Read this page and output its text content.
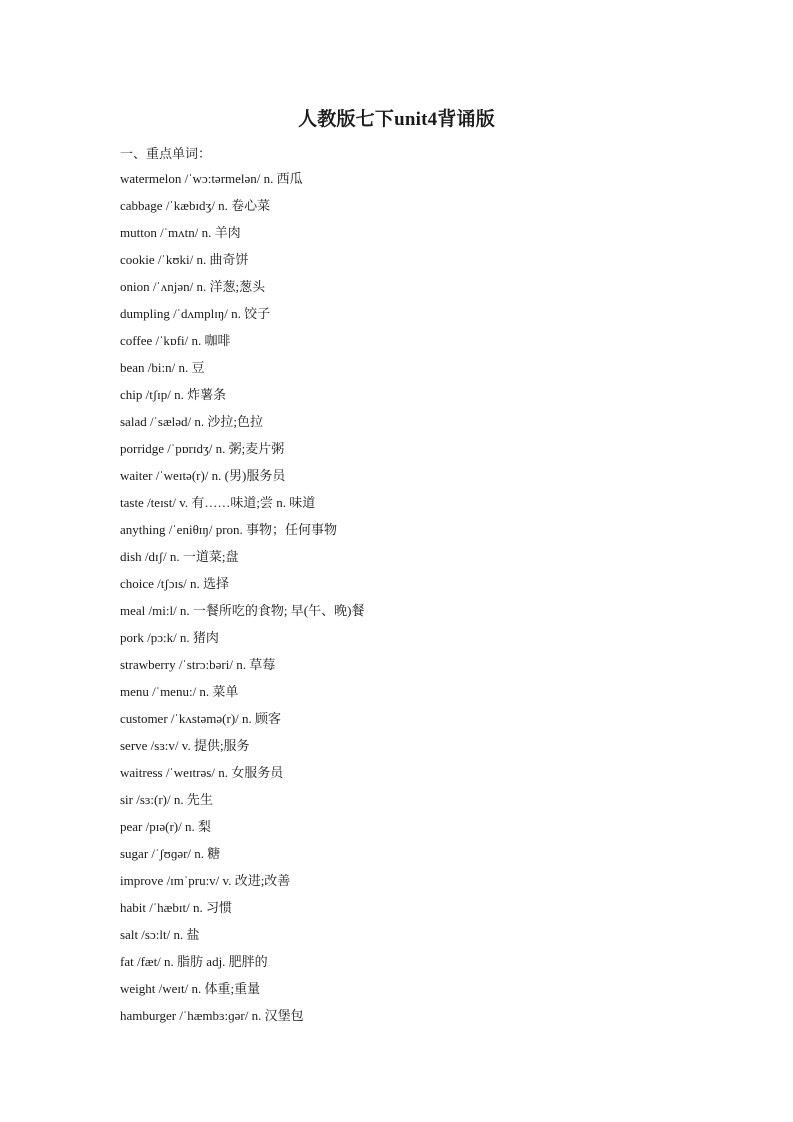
人教版七下unit4背诵版
一、重点单词：
watermelon /ˈwɔ:tərmelən/ n. 西瓜
cabbage /ˈkæbɪdʒ/ n. 卷心菜
mutton /ˈmʌtn/ n. 羊肉
cookie /ˈkʊki/ n. 曲奇饼
onion /ˈʌnjən/ n. 洋葱;葱头
dumpling /ˈdʌmplɪŋ/ n. 饺子
coffee /ˈkɒfi/ n. 咖啡
bean /bi:n/ n. 豆
chip /tʃɪp/ n. 炸薯条
salad /ˈsæləd/ n. 沙拉;色拉
porridge /ˈpɒrɪdʒ/ n. 粥;麦片粥
waiter /ˈweɪtə(r)/ n. (男)服务员
taste /teɪst/ v. 有……味道;尝 n. 味道
anything /ˈeniθɪŋ/ pron. 事物；任何事物
dish /dɪʃ/ n. 一道菜;盘
choice /tʃɔɪs/ n. 选择
meal /mi:l/ n. 一餐所吃的食物; 早(午、晚)餐
pork /pɔ:k/ n. 猪肉
strawberry /ˈstrɔ:bəri/ n. 草莓
menu /ˈmenu:/ n. 菜单
customer /ˈkʌstəmə(r)/ n. 顾客
serve /sɜ:v/ v. 提供;服务
waitress /ˈweɪtrəs/ n. 女服务员
sir /sɜ:(r)/ n. 先生
pear /pɪə(r)/ n. 梨
sugar /ˈʃʊɡər/ n. 糖
improve /ɪmˈpru:v/ v. 改进;改善
habit /ˈhæbɪt/ n. 习惯
salt /sɔ:lt/ n. 盐
fat /fæt/ n. 脂肪 adj. 肥胖的
weight /weɪt/ n. 体重;重量
hamburger /ˈhæmbɜ:ɡər/ n. 汉堡包
